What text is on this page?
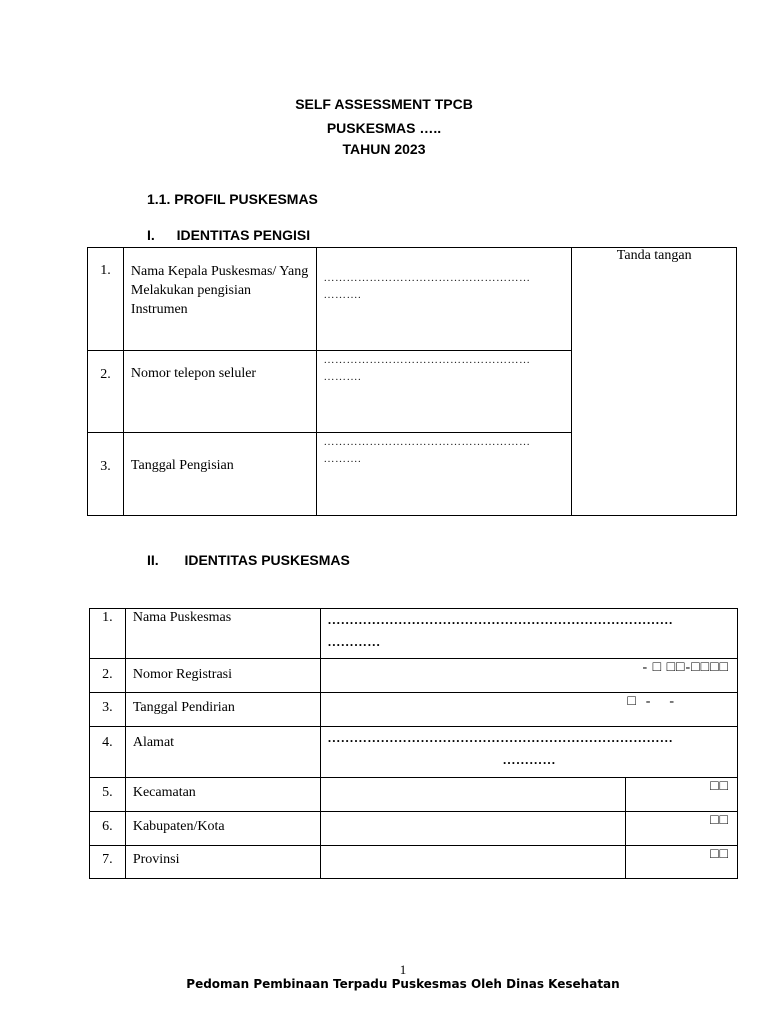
SELF ASSESSMENT TPCB
PUSKESMAS …..
TAHUN 2023
1.1. PROFIL PUSKESMAS
I. IDENTITAS PENGISI
1.	Nama Kepala Puskesmas/ Yang Melakukan pengisian Instrumen	………………………………………………
……….	Tanda tangan
2.	Nomor telepon seluler	………………………………………………
……….	

3.	Tanggal Pengisian	………………………………………………
……….	
II. IDENTITAS PUSKESMAS
1.	Nama Puskesmas	……………………………………………………………………
…………	

2.	Nomor Registrasi	- □ □□-□□□□	
3.	Tanggal Pendirian	□  -    -	
4.	Alamat	……………………………………………………………………
…………	

5.	Kecamatan		□□
6.	Kabupaten/Kota		□□
7.	Provinsi		□□
1
Pedoman Pembinaan Terpadu Puskesmas Oleh Dinas Kesehatan
